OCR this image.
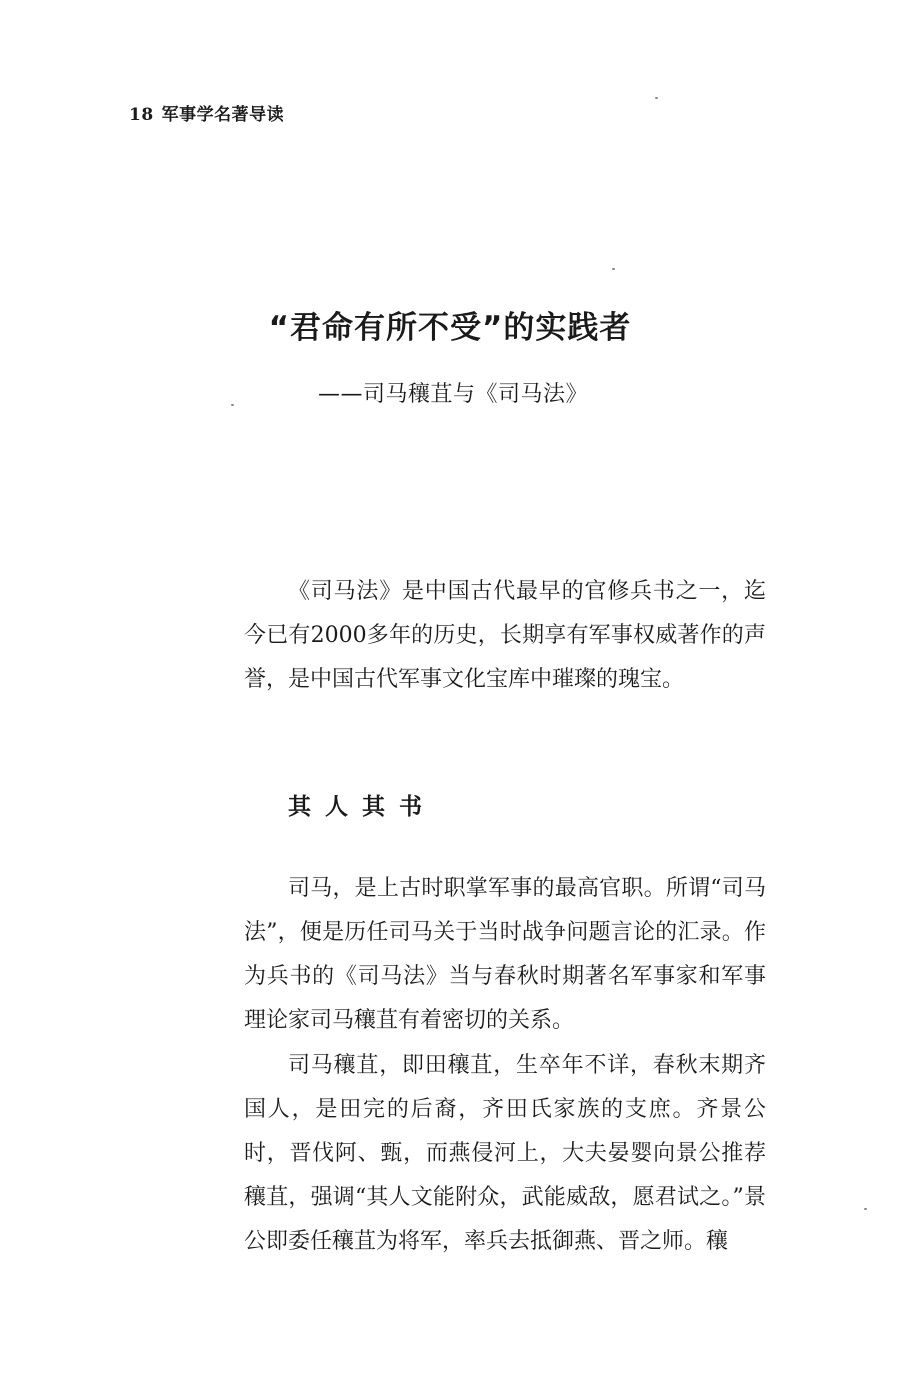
18 军事学名著导读
“君命有所不受”的实践者
——司马穰苴与《司马法》

《司马法》是中国古代最早的官修兵书之一，迄今已有2000多年的历史，长期享有军事权威著作的声誉，是中国古代军事文化宝库中璀璨的瑰宝。

其人其书

司马，是上古时职掌军事的最高官职。所谓“司马法”，便是历任司马关于当时战争问题言论的汇录。作为兵书的《司马法》当与春秋时期著名军事家和军事理论家司马穰苴有着密切的关系。

司马穰苴，即田穰苴，生卒年不详，春秋末期齐国人，是田完的后裔，齐田氏家族的支庶。齐景公时，晋伐阿、甄，而燕侵河上，大夫晏婴向景公推荐穰苴，强调“其人文能附众，武能威敌，愿君试之。”景公即委任穰苴为将军，率兵去抵御燕、晋之师。穰
